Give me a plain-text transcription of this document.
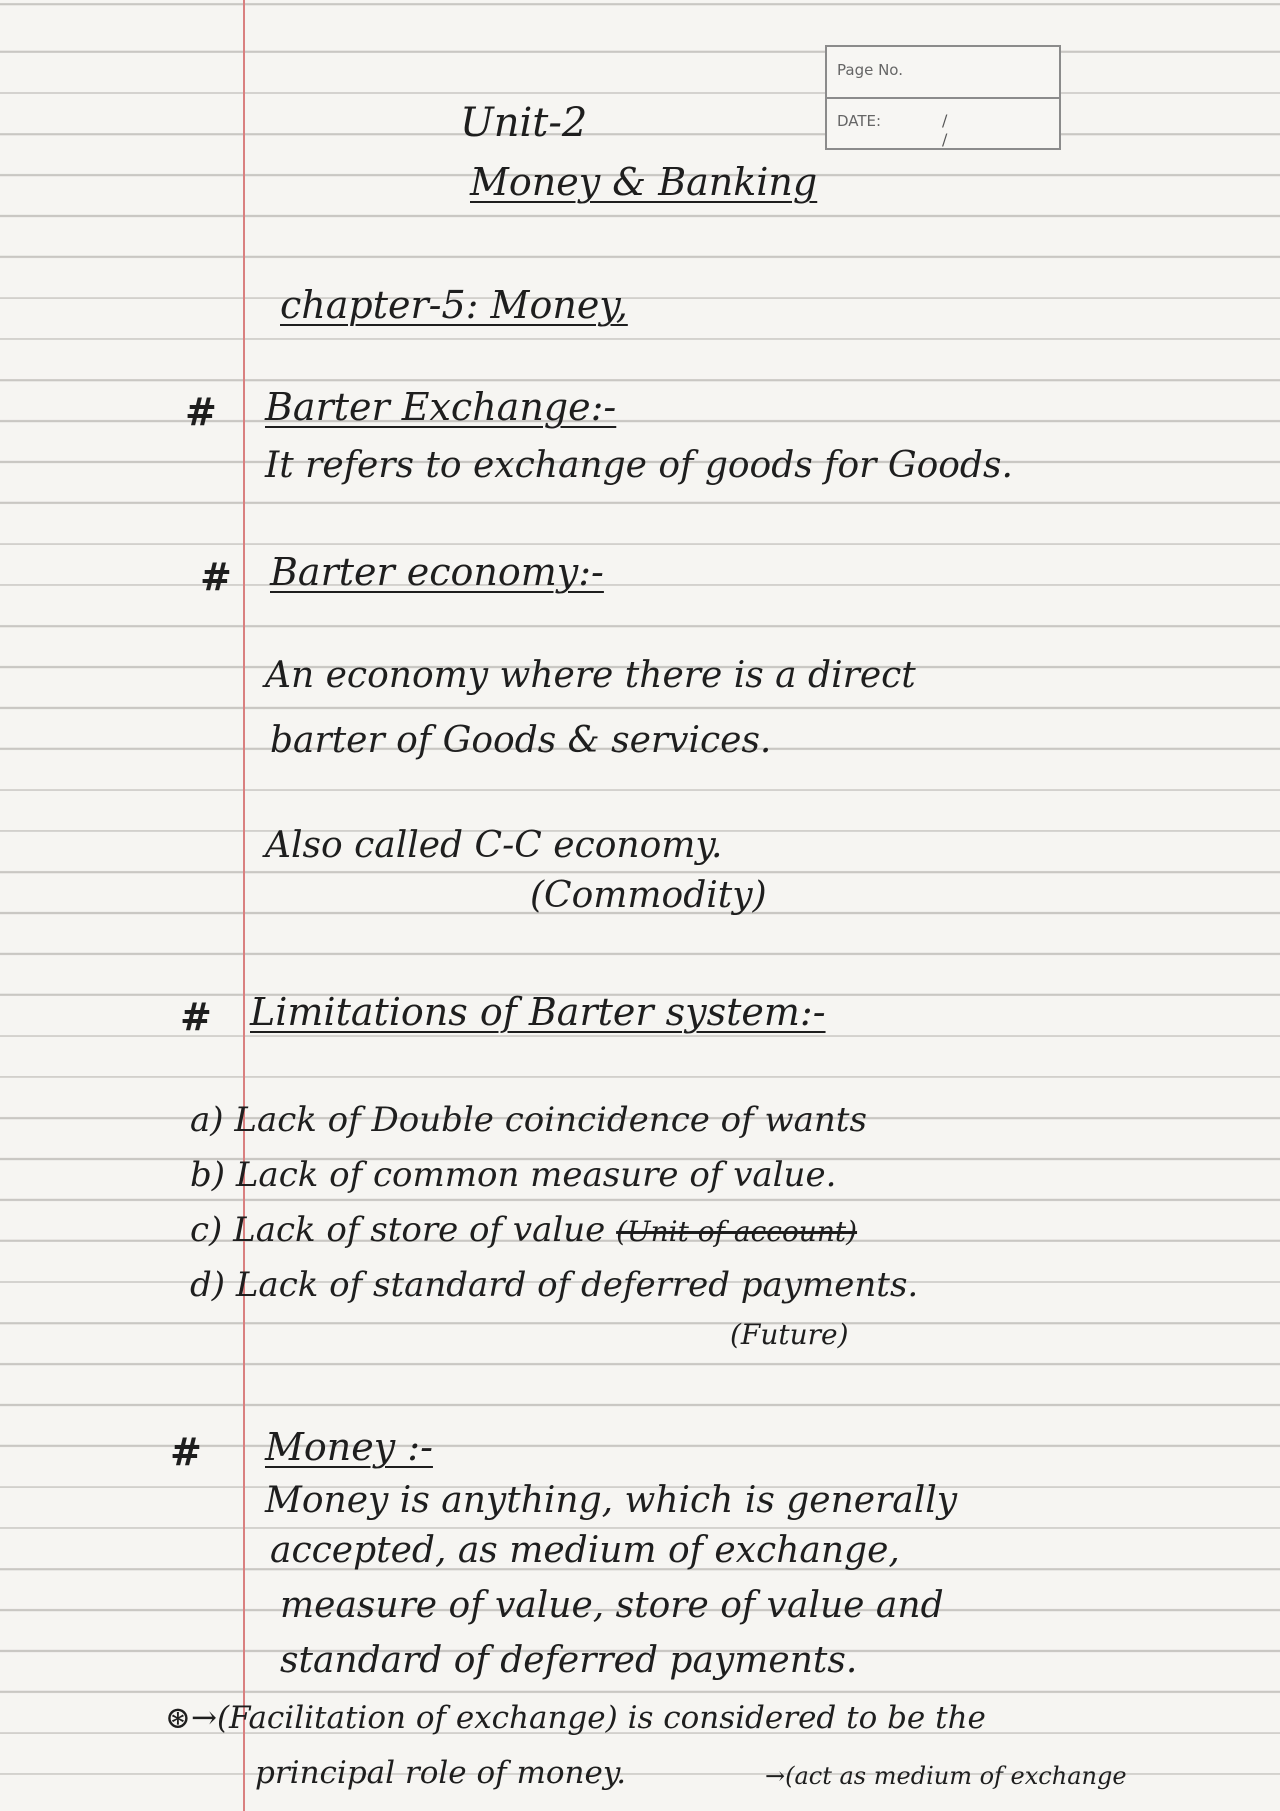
Page No.
DATE:	/ /
Unit-2
Money & Banking
chapter-5: Money,
# Barter Exchange:-
It refers to exchange of goods for Goods.
# Barter economy:-
An economy where there is a direct
barter of Goods & services.
Also called C-C economy.
(Commodity)
# Limitations of Barter system:-
a) Lack of Double coincidence of wants
b) Lack of common measure of value.
c) Lack of store of value (Unit of account)
d) Lack of standard of deferred payments.
(Future)
# Money :-
Money is anything, which is generally
accepted, as medium of exchange,
measure of value, store of value and
standard of deferred payments.
⊛→(Facilitation of exchange) is considered to be the
principal role of money.	→(act as medium of exchange
